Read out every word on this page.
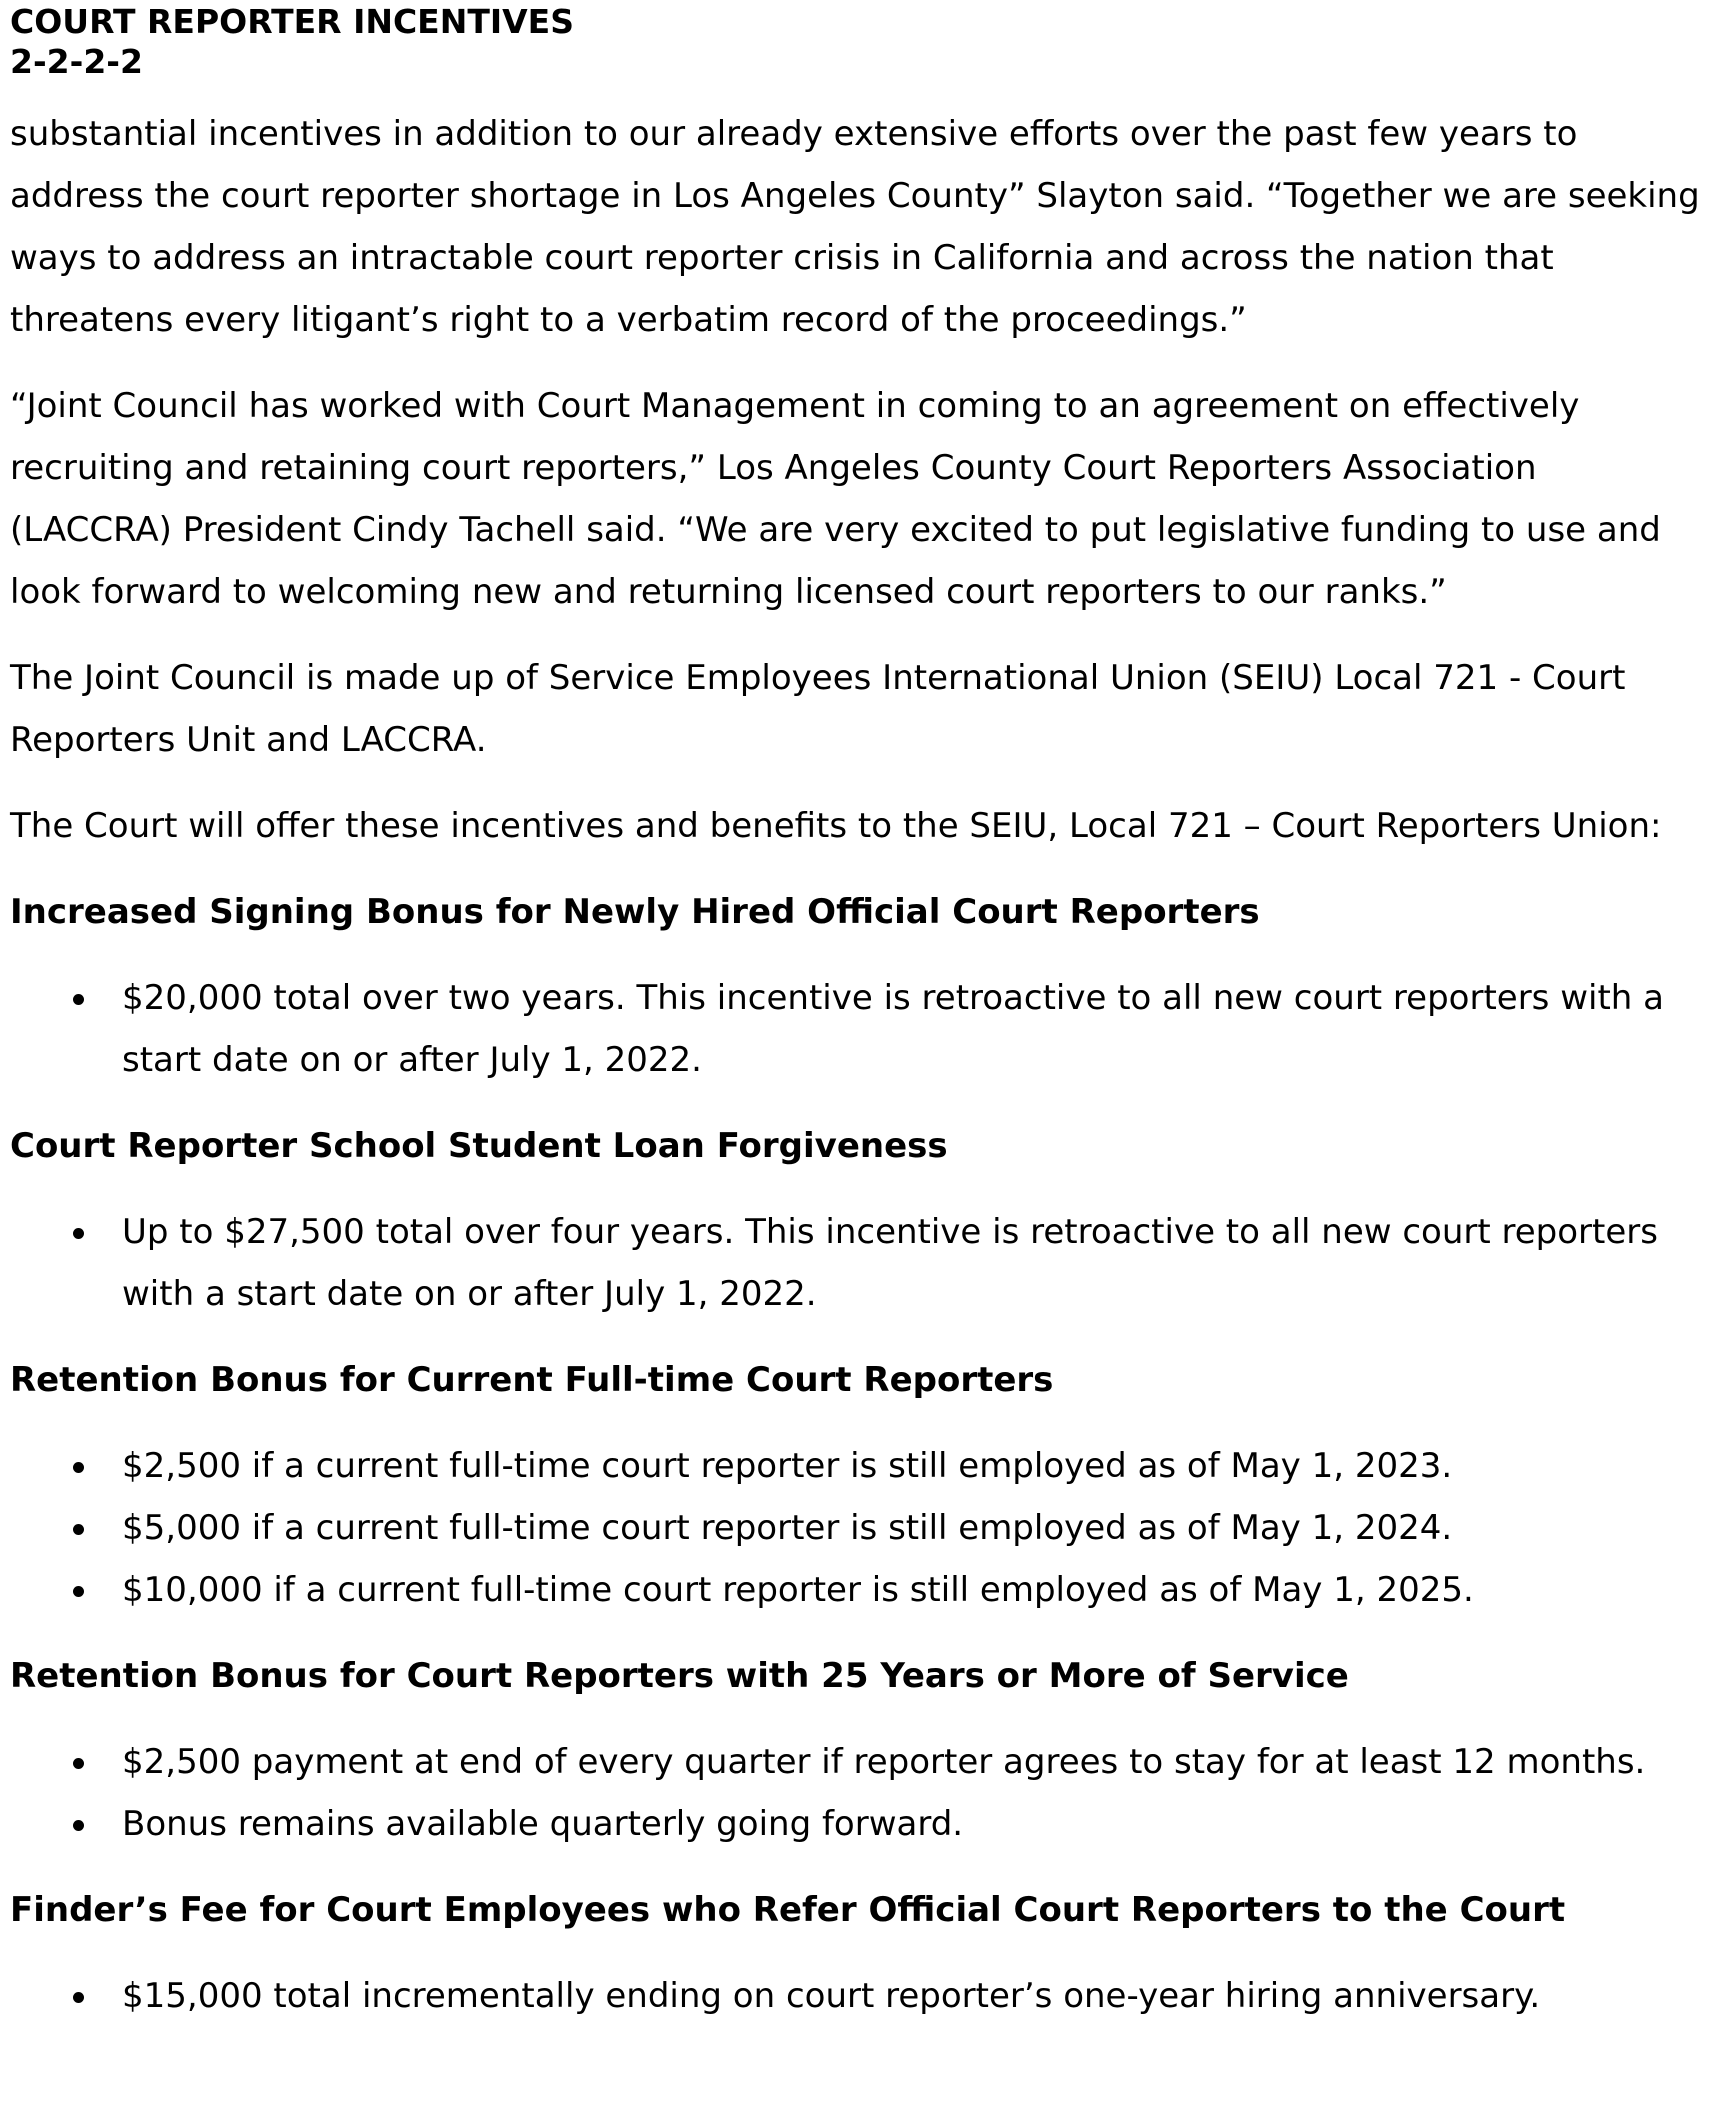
COURT REPORTER INCENTIVES
2-2-2-2

substantial incentives in addition to our already extensive efforts over the past few years to address the court reporter shortage in Los Angeles County” Slayton said. “Together we are seeking ways to address an intractable court reporter crisis in California and across the nation that threatens every litigant’s right to a verbatim record of the proceedings.”

“Joint Council has worked with Court Management in coming to an agreement on effectively recruiting and retaining court reporters,” Los Angeles County Court Reporters Association (LACCRA) President Cindy Tachell said. “We are very excited to put legislative funding to use and look forward to welcoming new and returning licensed court reporters to our ranks.”

The Joint Council is made up of Service Employees International Union (SEIU) Local 721 - Court Reporters Unit and LACCRA.

The Court will offer these incentives and benefits to the SEIU, Local 721 – Court Reporters Union:

Increased Signing Bonus for Newly Hired Official Court Reporters

$20,000 total over two years. This incentive is retroactive to all new court reporters with a start date on or after July 1, 2022.

Court Reporter School Student Loan Forgiveness

Up to $27,500 total over four years. This incentive is retroactive to all new court reporters with a start date on or after July 1, 2022.

Retention Bonus for Current Full-time Court Reporters

$2,500 if a current full-time court reporter is still employed as of May 1, 2023.
$5,000 if a current full-time court reporter is still employed as of May 1, 2024.
$10,000 if a current full-time court reporter is still employed as of May 1, 2025.

Retention Bonus for Court Reporters with 25 Years or More of Service

$2,500 payment at end of every quarter if reporter agrees to stay for at least 12 months.
Bonus remains available quarterly going forward.

Finder’s Fee for Court Employees who Refer Official Court Reporters to the Court

$15,000 total incrementally ending on court reporter’s one-year hiring anniversary.
